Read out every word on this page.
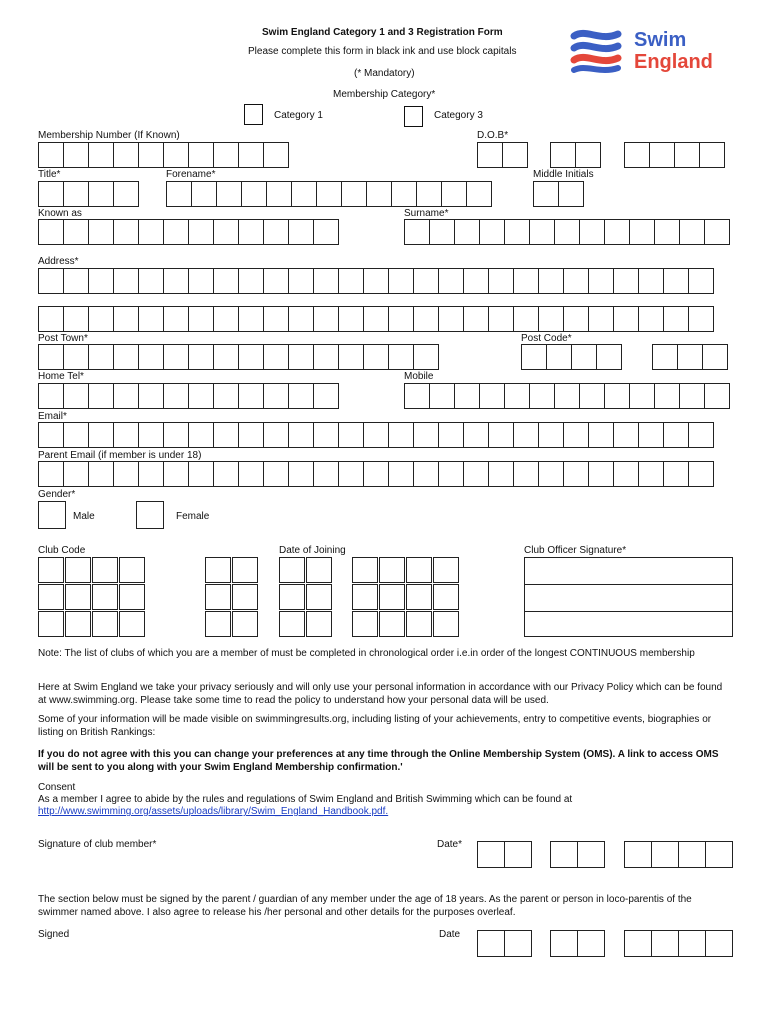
Swim England Category 1 and 3 Registration Form
Please complete this form in black ink and use block capitals
(* Mandatory)
Membership Category*
Category 1	Category 3
Swim
England
Membership Number (If Known)	D.O.B*
Title*	Forename*	Middle Initials
Known as	Surname*
Address*
Post Town*	Post Code*
Home Tel*	Mobile
Email*
Parent Email (if member is under 18)
Gender*
Male	Female
Club Code	Date of Joining	Club Officer Signature*
Note: The list of clubs of which you are a member of must be completed in chronological order i.e.in order of the longest CONTINUOUS membership
Here at Swim England we take your privacy seriously and will only use your personal information in accordance with our Privacy Policy which can be found at www.swimming.org. Please take some time to read the policy to understand how your personal data will be used.
Some of your information will be made visible on swimmingresults.org, including listing of your achievements, entry to competitive events, biographies or listing on British Rankings:
If you do not agree with this you can change your preferences at any time through the Online Membership System (OMS). A link to access OMS will be sent to you along with your Swim England Membership confirmation.'
Consent
As a member I agree to abide by the rules and regulations of Swim England and British Swimming which can be found at
http://www.swimming.org/assets/uploads/library/Swim_England_Handbook.pdf.
Signature of club member*	Date*
The section below must be signed by the parent / guardian of any member under the age of 18 years. As the parent or person in loco-parentis of the swimmer named above. I also agree to release his /her personal and other details for the purposes overleaf.
Signed	Date
